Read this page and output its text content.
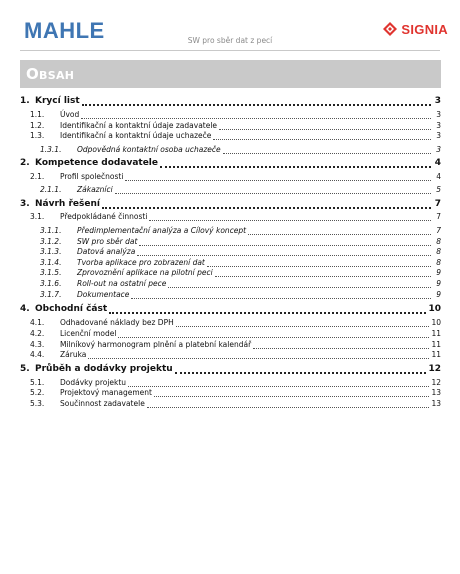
MAHLE	SW pro sběr dat z pecí
SIGNIA
Obsah
1. Krycí list	3
1.1.	Úvod	3
1.2.	Identifikační a kontaktní údaje zadavatele	3
1.3.	Identifikační a kontaktní údaje uchazeče	3
1.3.1.	Odpovědná kontaktní osoba uchazeče	3
2. Kompetence dodavatele	4
2.1.	Profil společnosti	4
2.1.1.	Zákazníci	5
3. Návrh řešení	7
3.1.	Předpokládané činnosti	7
3.1.1.	Předimplementační analýza a Cílový koncept	7
3.1.2.	SW pro sběr dat	8
3.1.3.	Datová analýza	8
3.1.4.	Tvorba aplikace pro zobrazení dat	8
3.1.5.	Zprovoznění aplikace na pilotní peci	9
3.1.6.	Roll-out na ostatní pece	9
3.1.7.	Dokumentace	9
4. Obchodní část	10
4.1.	Odhadované náklady bez DPH	10
4.2.	Licenční model	11
4.3.	Milníkový harmonogram plnění a platební kalendář	11
4.4.	Záruka	11
5. Průběh a dodávky projektu	12
5.1.	Dodávky projektu	12
5.2.	Projektový management	13
5.3.	Součinnost zadavatele	13
